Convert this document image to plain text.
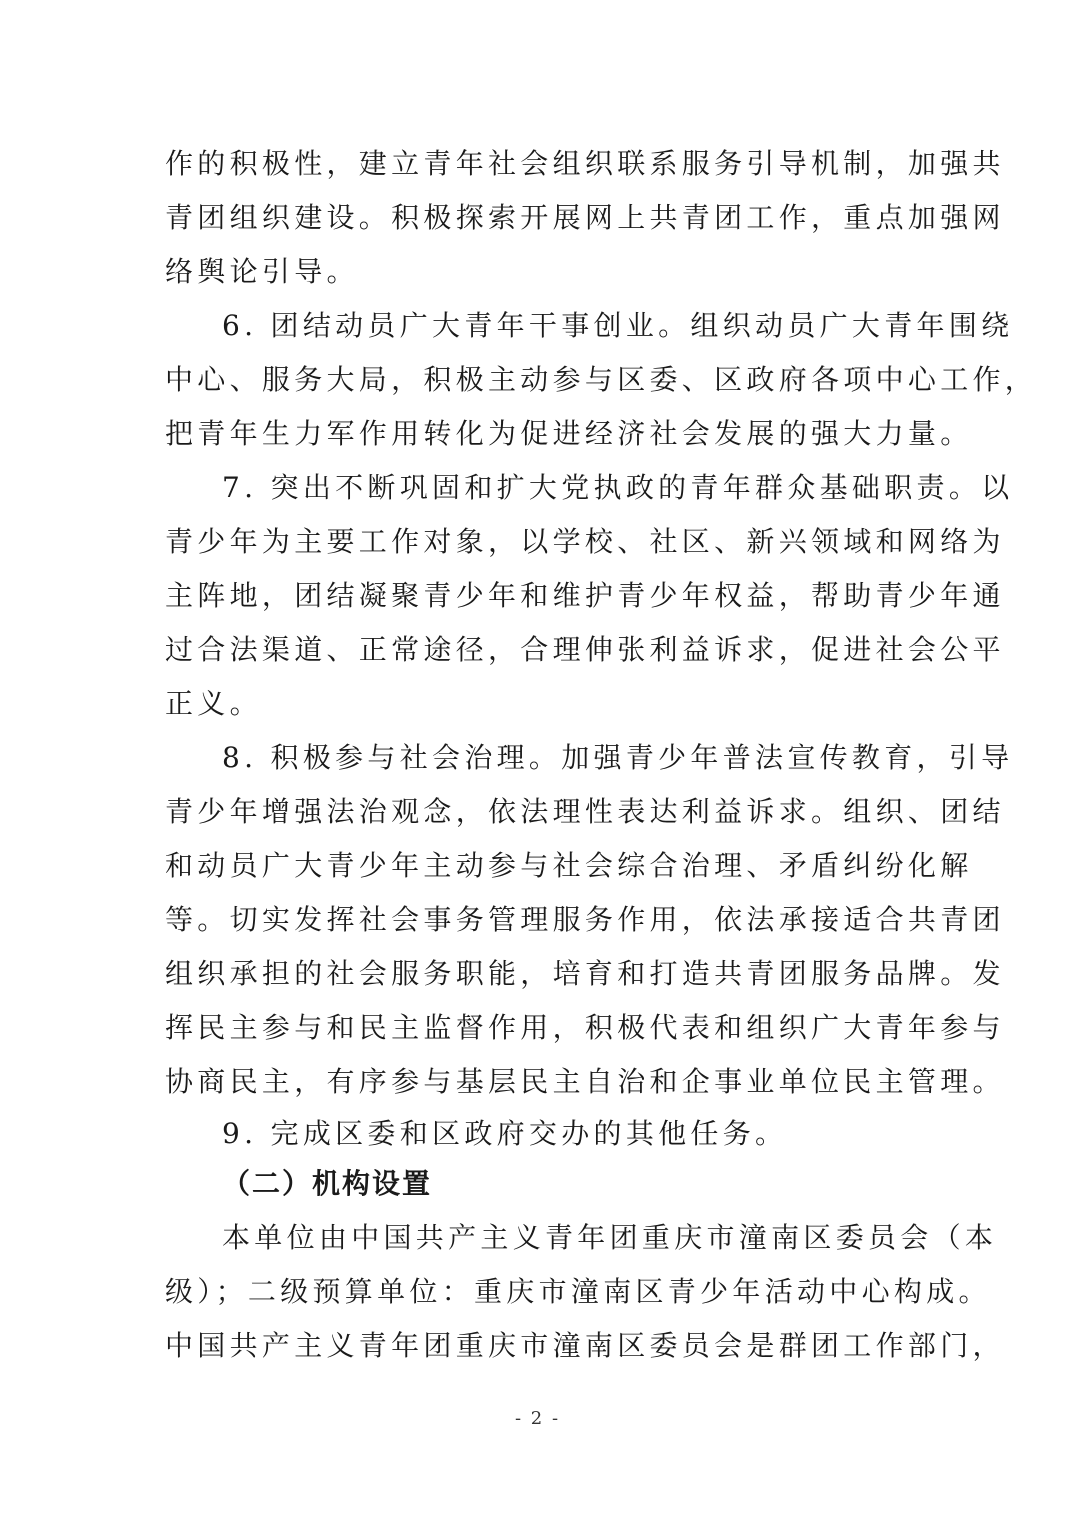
作的积极性，建立青年社会组织联系服务引导机制，加强共
青团组织建设。积极探索开展网上共青团工作，重点加强网
络舆论引导。
6. 团结动员广大青年干事创业。组织动员广大青年围绕
中心、服务大局，积极主动参与区委、区政府各项中心工作，
把青年生力军作用转化为促进经济社会发展的强大力量。
7. 突出不断巩固和扩大党执政的青年群众基础职责。以
青少年为主要工作对象，以学校、社区、新兴领域和网络为
主阵地，团结凝聚青少年和维护青少年权益，帮助青少年通
过合法渠道、正常途径，合理伸张利益诉求，促进社会公平
正义。
8. 积极参与社会治理。加强青少年普法宣传教育，引导
青少年增强法治观念，依法理性表达利益诉求。组织、团结
和动员广大青少年主动参与社会综合治理、矛盾纠纷化解
等。切实发挥社会事务管理服务作用，依法承接适合共青团
组织承担的社会服务职能，培育和打造共青团服务品牌。发
挥民主参与和民主监督作用，积极代表和组织广大青年参与
协商民主，有序参与基层民主自治和企事业单位民主管理。
9. 完成区委和区政府交办的其他任务。
（二）机构设置
本单位由中国共产主义青年团重庆市潼南区委员会（本
级）；二级预算单位：重庆市潼南区青少年活动中心构成。
中国共产主义青年团重庆市潼南区委员会是群团工作部门，
- 2 -
